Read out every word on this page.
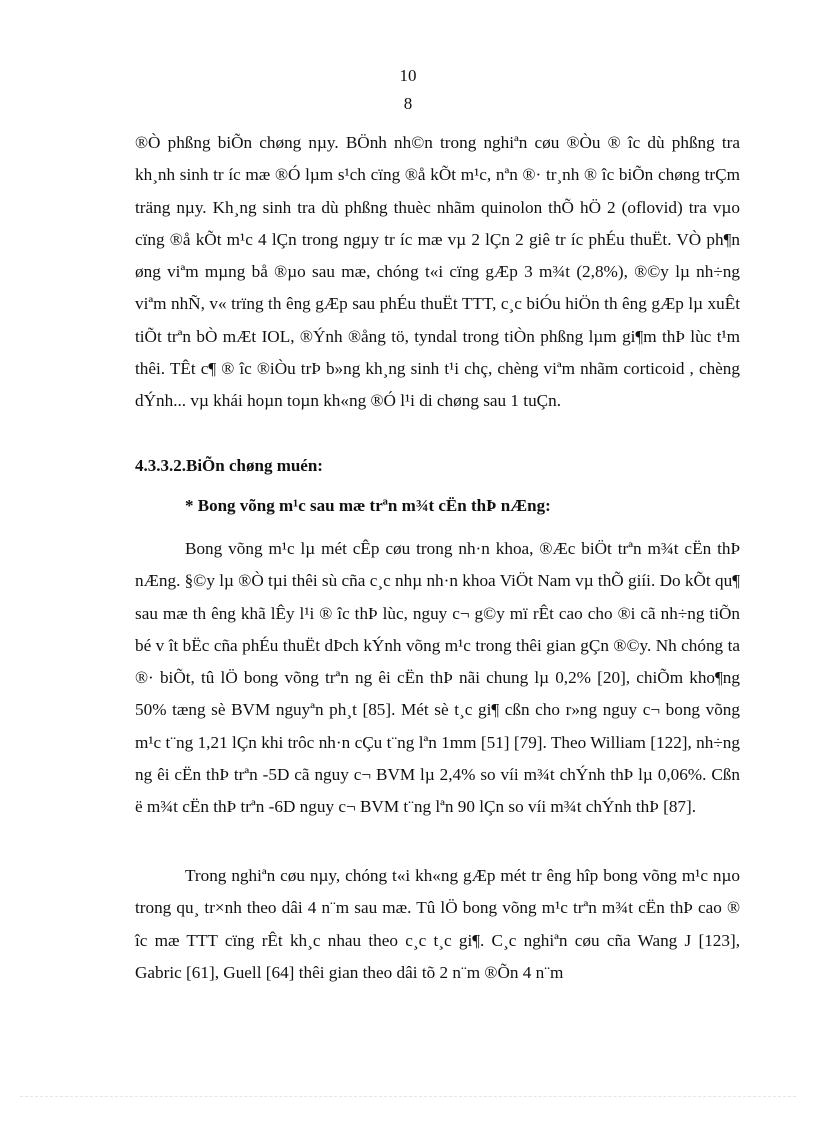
10
8

®Ò phßng biÕn chøng nµy. BÖnh nh©n trong nghiªn cøu ®Òu ® îc dù phßng tra kh¸nh sinh tr íc mæ ®Ó lµm s¹ch cïng ®å kÕt m¹c, nªn ®· tr¸nh ® îc biÕn chøng trÇm träng nµy. Kh¸ng sinh tra dù phßng thuèc nhãm quinolon thÕ hÖ 2 (oflovid) tra vµo cïng ®å kÕt m¹c 4 lÇn trong ngµy tr íc mæ vµ 2 lÇn 2 giê tr íc phÉu thuËt. VÒ ph¶n øng viªm mµng bå ®µo sau mæ, chóng t«i cïng gÆp 3 m¾t (2,8%), ®©y lµ nh÷ng viªm nhÑ, v« trïng th êng gÆp sau phÉu thuËt TTT, c¸c biÓu hiÖn th êng gÆp lµ xuÊt tiÕt trªn bÒ mÆt IOL, ®Ýnh ®ång tö, tyndal trong tiÒn phßng lµm gi¶m thÞ lùc t¹m thêi. TÊt c¶ ® îc ®iÒu trÞ b»ng kh¸ng sinh t¹i chç, chèng viªm nhãm corticoid , chèng dÝnh... vµ khái hoµn toµn kh«ng ®Ó l¹i di chøng sau 1 tuÇn.

4.3.3.2.BiÕn chøng muén:

* Bong võng m¹c sau mæ trªn m¾t cËn thÞ nÆng:

Bong võng m¹c lµ mét cÊp cøu trong nh·n khoa, ®Æc biÖt trªn m¾t cËn thÞ nÆng. §©y lµ ®Ò tµi thêi sù cña c¸c nhµ nh·n khoa ViÖt Nam vµ thÕ giíi. Do kÕt qu¶ sau mæ th êng khã lÊy l¹i ® îc thÞ lùc, nguy c¬ g©y mï rÊt cao cho ®i cã nh÷ng tiÕn bé v ît bËc cña phÉu thuËt dÞch kÝnh võng m¹c trong thêi gian gÇn ®©y. Nh chóng ta ®· biÕt, tû lÖ bong võng trªn ng êi cËn thÞ nãi chung lµ 0,2% [20], chiÕm kho¶ng 50% tæng sè BVM nguyªn ph¸t [85]. Mét sè t¸c gi¶ cßn cho r»ng nguy c¬ bong võng m¹c t¨ng 1,21 lÇn khi trôc nh·n cÇu t¨ng lªn 1mm [51] [79]. Theo William [122], nh÷ng ng êi cËn thÞ trªn -5D cã nguy c¬ BVM lµ 2,4% so víi m¾t chÝnh thÞ lµ 0,06%. Cßn ë m¾t cËn thÞ trªn -6D nguy c¬ BVM t¨ng lªn 90 lÇn so víi m¾t chÝnh thÞ [87].

Trong nghiªn cøu nµy, chóng t«i kh«ng gÆp mét tr êng hîp bong võng m¹c nµo trong qu¸ tr×nh theo dâi 4 n¨m sau mæ. Tû lÖ bong võng m¹c trªn m¾t cËn thÞ cao ® îc mæ TTT cïng rÊt kh¸c nhau theo c¸c t¸c gi¶. C¸c nghiªn cøu cña Wang J [123], Gabric [61], Guell [64] thêi gian theo dâi tõ 2 n¨m ®Õn 4 n¨m
